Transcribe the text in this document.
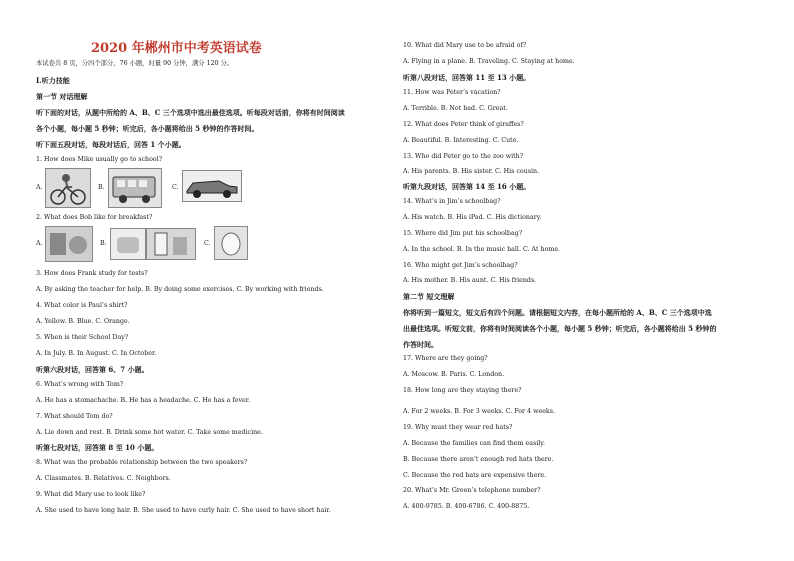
2020 年郴州市中考英语试卷
本试卷共 8 页，分四个部分，76 小题，时量 90 分钟，满分 120 分。
Ⅰ.听力技能
第一节 对话理解
听下面的对话，从题中所给的 A、B、C 三个选项中选出最佳选项。听每段对话前，你将有时间阅读
各个小题，每小题 5 秒钟；听完后，各小题将给出 5 秒钟的作答时间。
听下面五段对话，每段对话后，回答 1 个小题。
1. How does Mike usually go to school?
A.	B.	C.
2. What does Bob like for breakfast?
A.	B.	C.
3. How does Frank study for tests?
A. By asking the teacher for help. B. By doing some exercises. C. By working with friends.
4. What color is Paul’s shirt?
A. Yellow. B. Blue. C. Orange.
5. When is their School Day?
A. In July. B. In August. C. In October.
听第六段对话，回答第 6、7 小题。
6. What’s wrong with Tom?
A. He has a stomachache. B. He has a headache. C. He has a fever.
7. What should Tom do?
A. Lie down and rest. B. Drink some hot water. C. Take some medicine.
听第七段对话，回答第 8 至 10 小题。
8. What was the probable relationship between the two speakers?
A. Classmates. B. Relatives. C. Neighbors.
9. What did Mary use to look like?
A. She used to have long hair. B. She used to have curly hair. C. She used to have short hair.
10. What did Mary use to be afraid of?
A. Flying in a plane. B. Traveling. C. Staying at home.
听第八段对话，回答第 11 至 13 小题。
11. How was Peter’s vacation?
A. Terrible. B. Not bad. C. Great.
12. What does Peter think of giraffes?
A. Beautiful. B. Interesting. C. Cute.
13. Who did Peter go to the zoo with?
A. His parents. B. His sister. C. His cousin.
听第九段对话，回答第 14 至 16 小题。
14. What’s in Jim’s schoolbag?
A. His watch. B. His iPad. C. His dictionary.
15. Where did Jim put his schoolbag?
A. In the school. B. In the music hall. C. At home.
16. Who might get Jim’s schoolbag?
A. His mother. B. His aunt. C. His friends.
第二节 短文理解
你将听到一篇短文，短文后有四个问题。请根据短文内容，在每小题所给的 A、B、C 三个选项中选
出最佳选项。听短文前，你将有时间阅读各个小题，每小题 5 秒钟；听完后，各小题将给出 5 秒钟的
作答时间。
17. Where are they going?
A. Moscow. B. Paris. C. London.
18. How long are they staying there?
A. For 2 weeks. B. For 3 weeks. C. For 4 weeks.
19. Why must they wear red hats?
A. Because the families can find them easily.
B. Because there aren’t enough red hats there.
C. Because the red hats are expensive there.
20. What’s Mr. Green’s telephone number?
A. 400-9785. B. 400-6786. C. 400-8875.
